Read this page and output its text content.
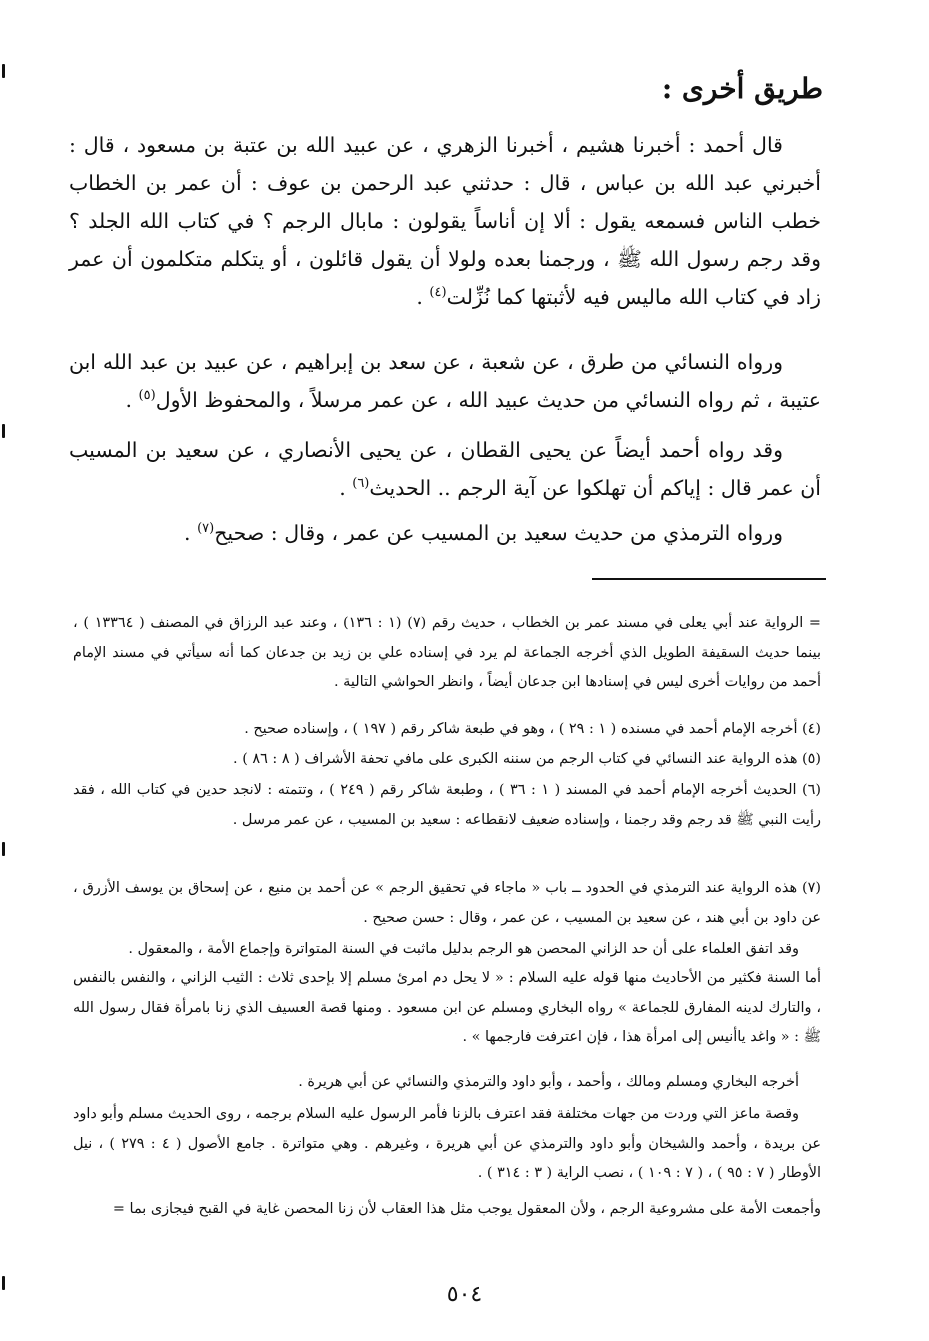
طريق أخرى :

قال أحمد : أخبرنا هشيم ، أخبرنا الزهري ، عن عبيد الله بن عتبة بن مسعود ، قال : أخبرني عبد الله بن عباس ، قال : حدثني عبد الرحمن بن عوف : أن عمر بن الخطاب خطب الناس فسمعه يقول : ألا إن أناساً يقولون : مابال الرجم ؟ في كتاب الله الجلد ؟ وقد رجم رسول الله ﷺ ، ورجمنا بعده ولولا أن يقول قائلون ، أو يتكلم متكلمون أن عمر زاد في كتاب الله ماليس فيه لأثبتها كما نُزِّلت$^{(٤)}$ .

ورواه النسائي من طرق ، عن شعبة ، عن سعد بن إبراهيم ، عن عبيد بن عبد الله ابن عتيبة ، ثم رواه النسائي من حديث عبيد الله ، عن عمر مرسلاً ، والمحفوظ الأول$^{(٥)}$ .

وقد رواه أحمد أيضاً عن يحيى القطان ، عن يحيى الأنصاري ، عن سعيد بن المسيب أن عمر قال : إياكم أن تهلكوا عن آية الرجم .. الحديث$^{(٦)}$ .

ورواه الترمذي من حديث سعيد بن المسيب عن عمر ، وقال : صحيح$^{(٧)}$ .

= الرواية عند أبي يعلى في مسند عمر بن الخطاب ، حديث رقم (٧) (١ : ١٣٦) ، وعند عبد الرزاق في المصنف ( ١٣٣٦٤ ) ، بينما حديث السقيفة الطويل الذي أخرجه الجماعة لم يرد في إسناده علي بن زيد بن جدعان كما أنه سيأتي في مسند الإمام أحمد من روايات أخرى ليس في إسنادها ابن جدعان أيضاً ، وانظر الحواشي التالية .

(٤) أخرجه الإمام أحمد في مسنده ( ١ : ٢٩ ) ، وهو في طبعة شاكر رقم ( ١٩٧ ) ، وإسناده صحيح .

(٥) هذه الرواية عند النسائي في كتاب الرجم من سننه الكبرى على مافي تحفة الأشراف ( ٨ : ٨٦ ) .

(٦) الحديث أخرجه الإمام أحمد في المسند ( ١ : ٣٦ ) ، وطبعة شاكر رقم ( ٢٤٩ ) ، وتتمته : لانجد حدين في كتاب الله ، فقد رأيت النبي ﷺ قد رجم وقد رجمنا ، وإسناده ضعيف لانقطاعه : سعيد بن المسيب ، عن عمر مرسل .

(٧) هذه الرواية عند الترمذي في الحدود ــ باب « ماجاء في تحقيق الرجم » عن أحمد بن منيع ، عن إسحاق بن يوسف الأزرق ، عن داود بن أبي هند ، عن سعيد بن المسيب ، عن عمر ، وقال : حسن صحيح .

وقد اتفق العلماء على أن حد الزاني المحصن هو الرجم بدليل ماثبت في السنة المتواترة وإجماع الأمة ، والمعقول .

أما السنة فكثير من الأحاديث منها قوله عليه السلام : « لا يحل دم امرئ مسلم إلا بإحدى ثلاث : الثيب الزاني ، والنفس بالنفس ، والتارك لدينه المفارق للجماعة » رواه البخاري ومسلم عن ابن مسعود . ومنها قصة العسيف الذي زنا بامرأة فقال رسول الله ﷺ : « واغد ياأنيس إلى امرأة هذا ، فإن اعترفت فارجمها » .

أخرجه البخاري ومسلم ومالك ، وأحمد ، وأبو داود والترمذي والنسائي عن أبي هريرة .

وقصة ماعز التي وردت من جهات مختلفة فقد اعترف بالزنا فأمر الرسول عليه السلام برجمه ، روى الحديث مسلم وأبو داود عن بريدة ، وأحمد والشيخان وأبو داود والترمذي عن أبي هريرة ، وغيرهم . وهي متواترة . جامع الأصول ( ٤ : ٢٧٩ ) ، نيل الأوطار ( ٧ : ٩٥ ) ، ( ٧ : ١٠٩ ) ، نصب الراية ( ٣ : ٣١٤ ) .

وأجمعت الأمة على مشروعية الرجم ، ولأن المعقول يوجب مثل هذا العقاب لأن زنا المحصن غاية في القبح فيجازى بما =

٥٠٤
